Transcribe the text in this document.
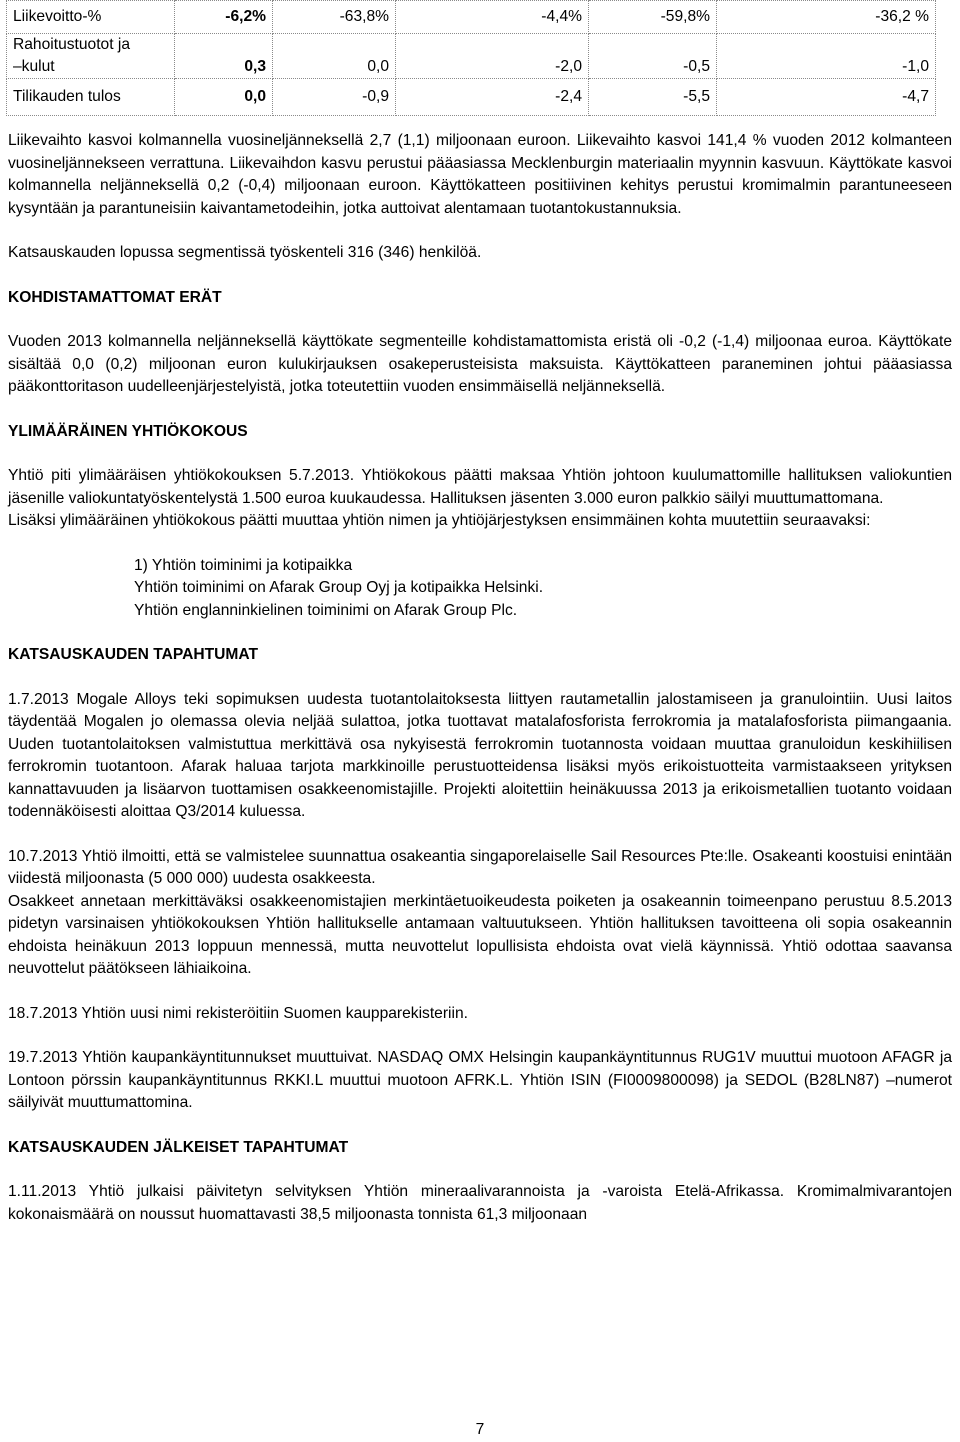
Liikevoitto-%	-6,2%	-63,8%	-4,4%	-59,8%	-36,2 %

Rahoitustuotot ja
–kulut	0,3	0,0	-2,0	-0,5	-1,0
Tilikauden tulos	0,0	-0,9	-2,4	-5,5	-4,7

Liikevaihto kasvoi kolmannella vuosineljänneksellä 2,7 (1,1) miljoonaan euroon. Liikevaihto kasvoi 141,4 % vuoden 2012 kolmanteen vuosineljännekseen verrattuna. Liikevaihdon kasvu perustui pääasiassa Mecklenburgin materiaalin myynnin kasvuun. Käyttökate kasvoi kolmannella neljänneksellä 0,2 (-0,4) miljoonaan euroon. Käyttökatteen positiivinen kehitys perustui kromimalmin parantuneeseen kysyntään ja parantuneisiin kaivantametodeihin, jotka auttoivat alentamaan tuotantokustannuksia.

Katsauskauden lopussa segmentissä työskenteli 316 (346) henkilöä.

KOHDISTAMATTOMAT ERÄT

Vuoden 2013 kolmannella neljänneksellä käyttökate segmenteille kohdistamattomista eristä oli -0,2 (-1,4) miljoonaa euroa. Käyttökate sisältää 0,0 (0,2) miljoonan euron kulukirjauksen osakeperusteisista maksuista. Käyttökatteen paraneminen johtui pääasiassa pääkonttoritason uudelleenjärjestelyistä, jotka toteutettiin vuoden ensimmäisellä neljänneksellä.

YLIMÄÄRÄINEN YHTIÖKOKOUS

Yhtiö piti ylimääräisen yhtiökokouksen 5.7.2013. Yhtiökokous päätti maksaa Yhtiön johtoon kuulumattomille hallituksen valiokuntien jäsenille valiokuntatyöskentelystä 1.500 euroa kuukaudessa. Hallituksen jäsenten 3.000 euron palkkio säilyi muuttumattomana.

Lisäksi ylimääräinen yhtiökokous päätti muuttaa yhtiön nimen ja yhtiöjärjestyksen ensimmäinen kohta muutettiin seuraavaksi:

1) Yhtiön toiminimi ja kotipaikka
Yhtiön toiminimi on Afarak Group Oyj ja kotipaikka Helsinki.
Yhtiön englanninkielinen toiminimi on Afarak Group Plc.
KATSAUSKAUDEN TAPAHTUMAT

1.7.2013 Mogale Alloys teki sopimuksen uudesta tuotantolaitoksesta liittyen rautametallin jalostamiseen ja granulointiin. Uusi laitos täydentää Mogalen jo olemassa olevia neljää sulattoa, jotka tuottavat matalafosforista ferrokromia ja matalafosforista piimangaania. Uuden tuotantolaitoksen valmistuttua merkittävä osa nykyisestä ferrokromin tuotannosta voidaan muuttaa granuloidun keskihiilisen ferrokromin tuotantoon. Afarak haluaa tarjota markkinoille perustuotteidensa lisäksi myös erikoistuotteita varmistaakseen yrityksen kannattavuuden ja lisäarvon tuottamisen osakkeenomistajille. Projekti aloitettiin heinäkuussa 2013 ja erikoismetallien tuotanto voidaan todennäköisesti aloittaa Q3/2014 kuluessa.

10.7.2013 Yhtiö ilmoitti, että se valmistelee suunnattua osakeantia singaporelaiselle Sail Resources Pte:lle. Osakeanti koostuisi enintään viidestä miljoonasta (5 000 000) uudesta osakkeesta.

Osakkeet annetaan merkittäväksi osakkeenomistajien merkintäetuoikeudesta poiketen ja osakeannin toimeenpano perustuu 8.5.2013 pidetyn varsinaisen yhtiökokouksen Yhtiön hallitukselle antamaan valtuutukseen. Yhtiön hallituksen tavoitteena oli sopia osakeannin ehdoista heinäkuun 2013 loppuun mennessä, mutta neuvottelut lopullisista ehdoista ovat vielä käynnissä. Yhtiö odottaa saavansa neuvottelut päätökseen lähiaikoina.

18.7.2013 Yhtiön uusi nimi rekisteröitiin Suomen kaupparekisteriin.

19.7.2013 Yhtiön kaupankäyntitunnukset muuttuivat. NASDAQ OMX Helsingin kaupankäyntitunnus RUG1V muuttui muotoon AFAGR ja Lontoon pörssin kaupankäyntitunnus RKKI.L muuttui muotoon AFRK.L. Yhtiön ISIN (FI0009800098) ja SEDOL (B28LN87) –numerot säilyivät muuttumattomina.

KATSAUSKAUDEN JÄLKEISET TAPAHTUMAT

1.11.2013 Yhtiö julkaisi päivitetyn selvityksen Yhtiön mineraalivarannoista ja -varoista Etelä-Afrikassa. Kromimalmivarantojen kokonaismäärä on noussut huomattavasti 38,5 miljoonasta tonnista 61,3 miljoonaan

7
